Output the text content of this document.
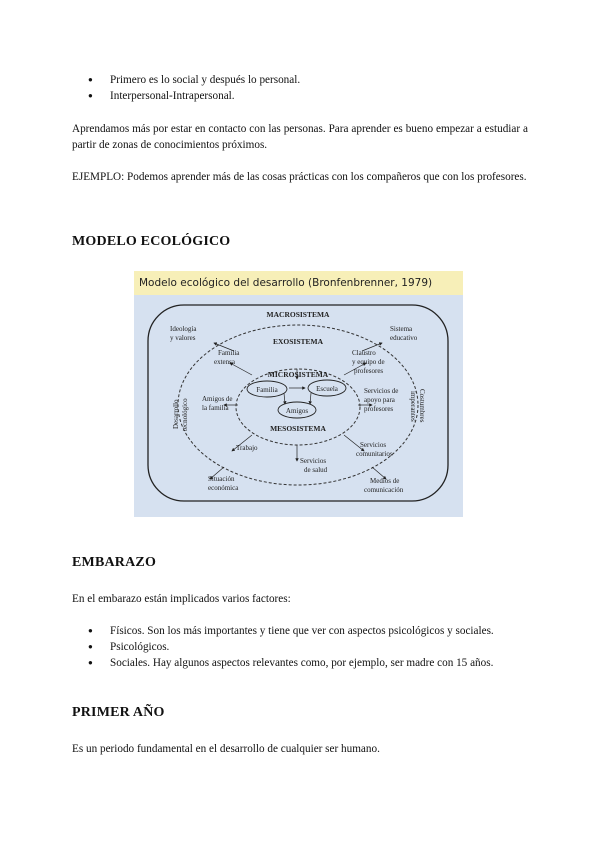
● Primero es lo social y después lo personal.
● Interpersonal-Intrapersonal.

Aprendamos más por estar en contacto con las personas. Para aprender es bueno empezar a estudiar a partir de zonas de conocimientos próximos.

EJEMPLO: Podemos aprender más de las cosas prácticas con los compañeros que con los profesores.

MODELO ECOLÓGICO
Modelo ecológico del desarrollo (Bronfenbrenner, 1979)
MACROSISTEMA
EXOSISTEMA
MICROSISTEMA
MESOSISTEMA
Familia	Escuela
Amigos
Ideología
y valores
Sistema
educativo
Familia
extensa
Claustro
y equipo de
profesores
Amigos de
la familia
Servicios de
apoyo para
profesores
Desarrollo tecnológico	Costumbres
imperantes
Trabajo	Servicios
comunitarios
Servicios
de salud
Situación
económica
Medios de
comunicación
EMBARAZO

En el embarazo están implicados varios factores:

● Físicos. Son los más importantes y tiene que ver con aspectos psicológicos y sociales.
● Psicológicos.
● Sociales. Hay algunos aspectos relevantes como, por ejemplo, ser madre con 15 años.
PRIMER AÑO

Es un periodo fundamental en el desarrollo de cualquier ser humano.
